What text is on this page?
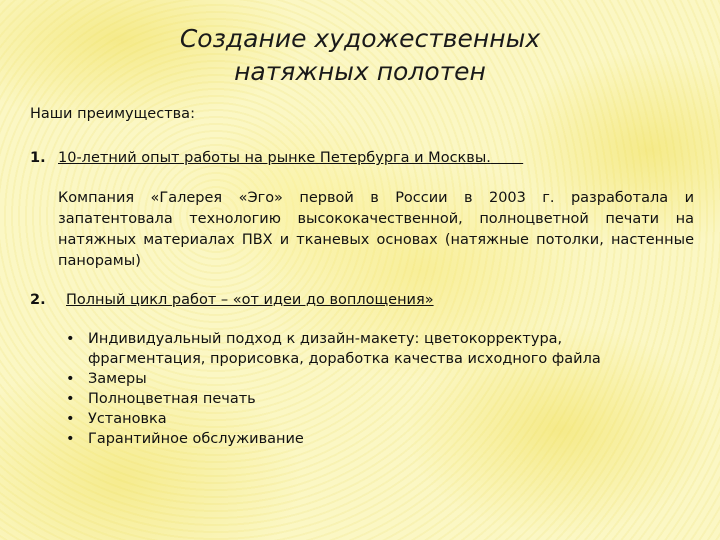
Создание художественных
натяжных полотен

Наши преимущества:

1. 10-летний опыт работы на рынке Петербурга и Москвы.

Компания «Галерея «Эго» первой в России в 2003 г. разработала и запатентовала технологию высококачественной, полноцветной печати на натяжных материалах ПВХ и тканевых основах (натяжные потолки, настенные панорамы)

2. Полный цикл работ – «от идеи до воплощения»
• Индивидуальный подход к дизайн-макету: цветокорректура, фрагментация, прорисовка, доработка качества исходного файла
• Замеры
• Полноцветная печать
• Установка
• Гарантийное обслуживание
